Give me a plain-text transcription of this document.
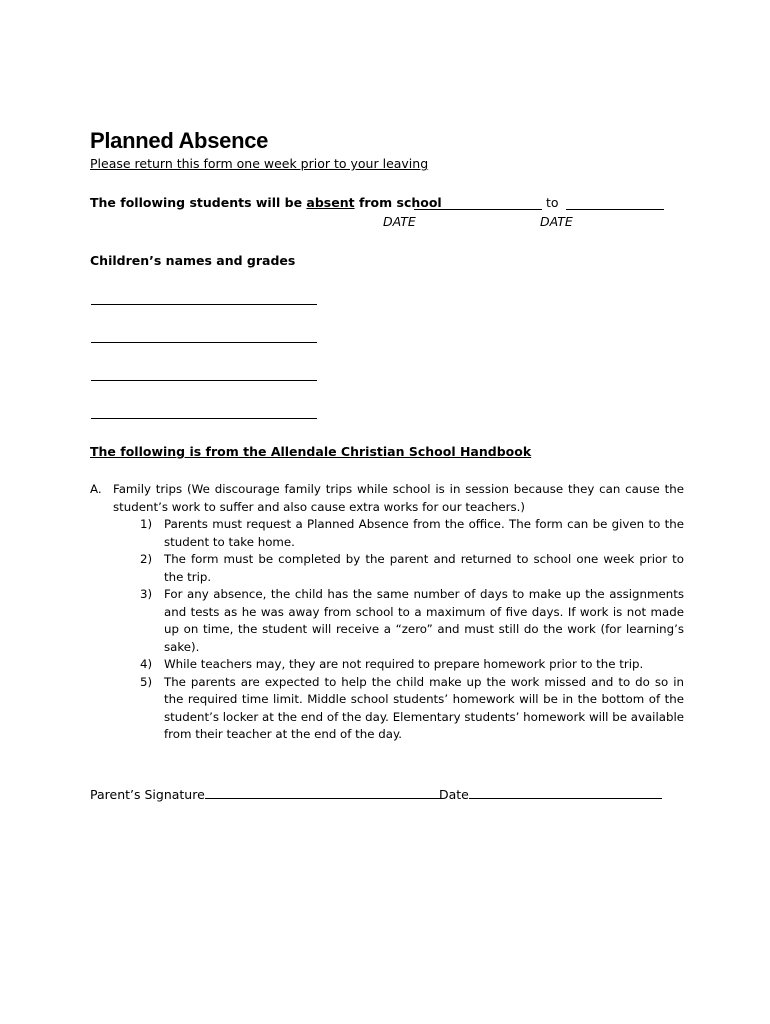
Planned Absence
Please return this form one week prior to your leaving
The following students will be absent from school	to
DATE	DATE
Children’s names and grades
The following is from the Allendale Christian School Handbook
A. Family trips (We discourage family trips while school is in session because they can cause the student’s work to suffer and also cause extra works for our teachers.)
1) Parents must request a Planned Absence from the office. The form can be given to the student to take home.
2) The form must be completed by the parent and returned to school one week prior to the trip.
3) For any absence, the child has the same number of days to make up the assignments and tests as he was away from school to a maximum of five days. If work is not made up on time, the student will receive a “zero” and must still do the work (for learning’s sake).
4) While teachers may, they are not required to prepare homework prior to the trip.
5) The parents are expected to help the child make up the work missed and to do so in the required time limit. Middle school students’ homework will be in the bottom of the student’s locker at the end of the day. Elementary students’ homework will be available from their teacher at the end of the day.
Parent’s Signature	Date
